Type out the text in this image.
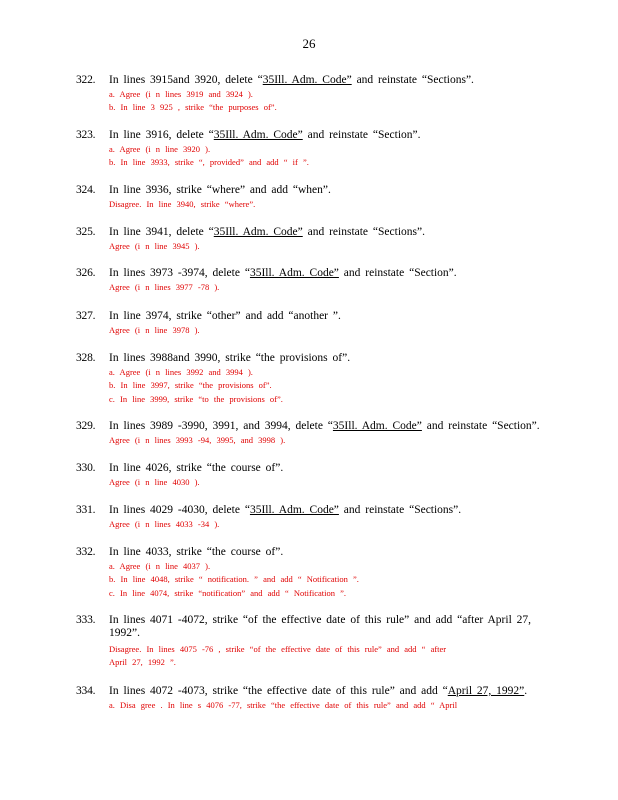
26
322. In lines 3915and 3920, delete “35Ill. Adm. Code” and reinstate “Sections”.
a. Agree (i n lines 3919 and 3924 ).
b. In line 3 925 , strike “the purposes of”.
323. In line 3916, delete “35Ill. Adm. Code” and reinstate “Section”.
a. Agree (i n line 3920 ).
b. In line 3933, strike “, provided” and add “ if ”.
324. In line 3936, strike “where” and add “when”.
Disagree. In line 3940, strike “where”.
325. In line 3941, delete “35Ill. Adm. Code” and reinstate “Sections”.
Agree (i n line 3945 ).
326. In lines 3973 -3974, delete “35Ill. Adm. Code” and reinstate “Section”.
Agree (i n lines 3977 -78 ).
327. In line 3974, strike “other” and add “another ”.
Agree (i n line 3978 ).
328. In lines 3988and 3990, strike “the provisions of”.
a. Agree (i n lines 3992 and 3994 ).
b. In line 3997, strike “the provisions of”.
c. In line 3999, strike “to the provisions of”.
329. In lines 3989 -3990, 3991, and 3994, delete “35Ill. Adm. Code” and reinstate “Section”.
Agree (i n lines 3993 -94, 3995, and 3998 ).
330. In line 4026, strike “the course of”.
Agree (i n line 4030 ).
331. In lines 4029 -4030, delete “35Ill. Adm. Code” and reinstate “Sections”.
Agree (i n lines 4033 -34 ).
332. In line 4033, strike “the course of”.
a. Agree (i n line 4037 ).
b. In line 4048, strike “ notification. ” and add “ Notification ”.
c. In line 4074, strike “notification” and add “ Notification ”.
333. In lines 4071 -4072, strike “of the effective date of this rule” and add “after April 27, 1992”.
Disagree. In lines 4075 -76 , strike “of the effective date of this rule” and add “ after
April 27, 1992 ”.
334. In lines 4072 -4073, strike “the effective date of this rule” and add “April 27, 1992”.
a. Disa gree . In line s 4076 -77, strike “the effective date of this rule” and add “ April
